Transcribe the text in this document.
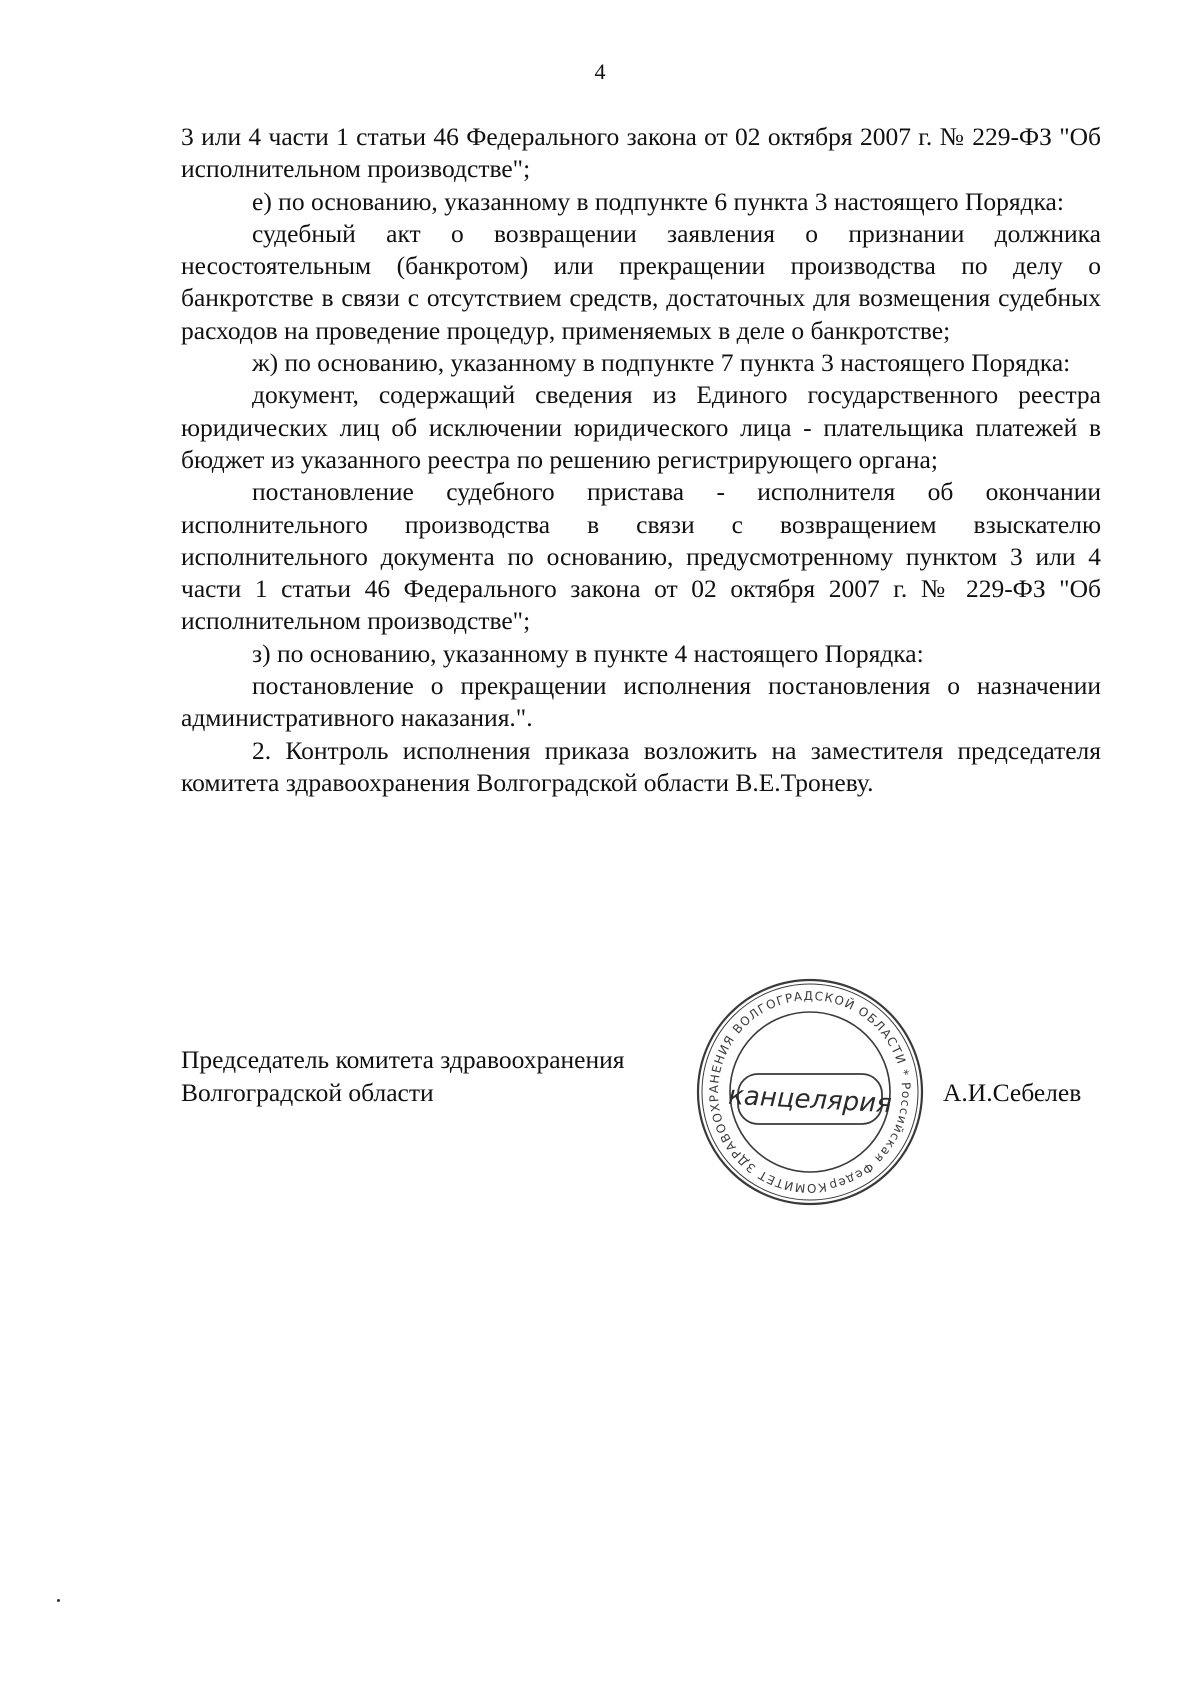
4

3 или 4 части 1 статьи 46 Федерального закона от 02 октября 2007 г. № 229-ФЗ "Об исполнительном производстве";

е) по основанию, указанному в подпункте 6 пункта 3 настоящего Порядка:

судебный акт о возвращении заявления о признании должника несостоятельным (банкротом) или прекращении производства по делу о банкротстве в связи с отсутствием средств, достаточных для возмещения судебных расходов на проведение процедур, применяемых в деле о банкротстве;

ж) по основанию, указанному в подпункте 7 пункта 3 настоящего Порядка:

документ, содержащий сведения из Единого государственного реестра юридических лиц об исключении юридического лица - плательщика платежей в бюджет из указанного реестра по решению регистрирующего органа;

постановление судебного пристава - исполнителя об окончании исполнительного производства в связи с возвращением взыскателю исполнительного документа по основанию, предусмотренному пунктом 3 или 4 части 1 статьи 46 Федерального закона от 02 октября 2007 г. № 229-ФЗ "Об исполнительном производстве";

з) по основанию, указанному в пункте 4 настоящего Порядка:

постановление о прекращении исполнения постановления о назначении административного наказания.".

2. Контроль исполнения приказа возложить на заместителя председателя комитета здравоохранения Волгоградской области В.Е.Троневу.

Председатель комитета здравоохранения
Волгоградской области	А.И.Себелев
КОМИТЕТ ЗДРАВООХРАНЕНИЯ ВОЛГОГРАДСКОЙ ОБЛАСТИ * Российская Федерация
канцелярия
